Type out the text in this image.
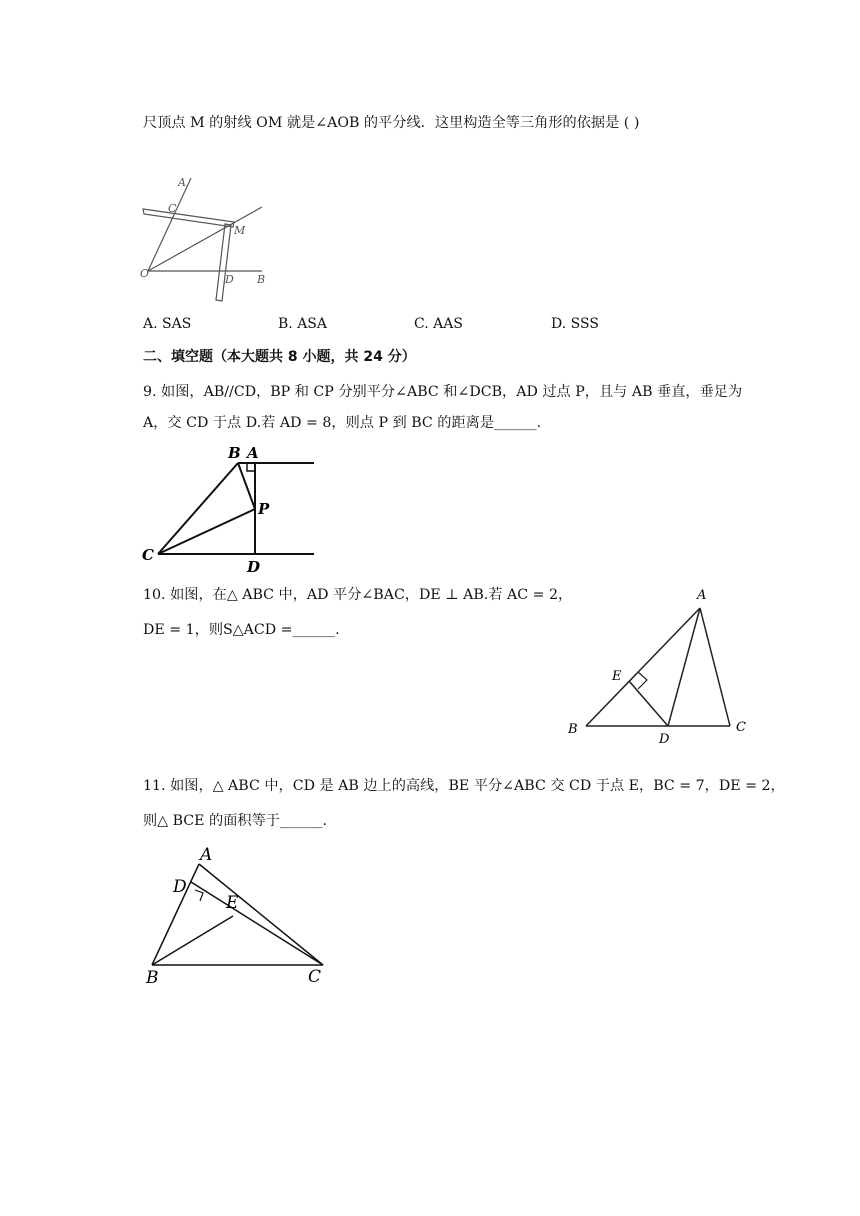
尺顶点 M 的射线 OM 就是∠AOB 的平分线．这里构造全等三角形的依据是 ( )
A
C
M
O	D B
A. SAS	B. ASA	C. AAS	D. SSS
二、填空题（本大题共 8 小题，共 24 分）
9. 如图，AB//CD，BP 和 CP 分别平分∠ABC 和∠DCB，AD 过点 P，且与 AB 垂直，垂足为
A，交 CD 于点 D.若 AD = 8，则点 P 到 BC 的距离是______.
B A
P
C
D
10. 如图，在△ ABC 中，AD 平分∠BAC，DE ⊥ AB.若 AC = 2，
DE = 1，则S△ACD =______.
A
E
B
D
C
11. 如图，△ ABC 中，CD 是 AB 边上的高线，BE 平分∠ABC 交 CD 于点 E，BC = 7，DE = 2，
则△ BCE 的面积等于______.
A
D
E
B	C
